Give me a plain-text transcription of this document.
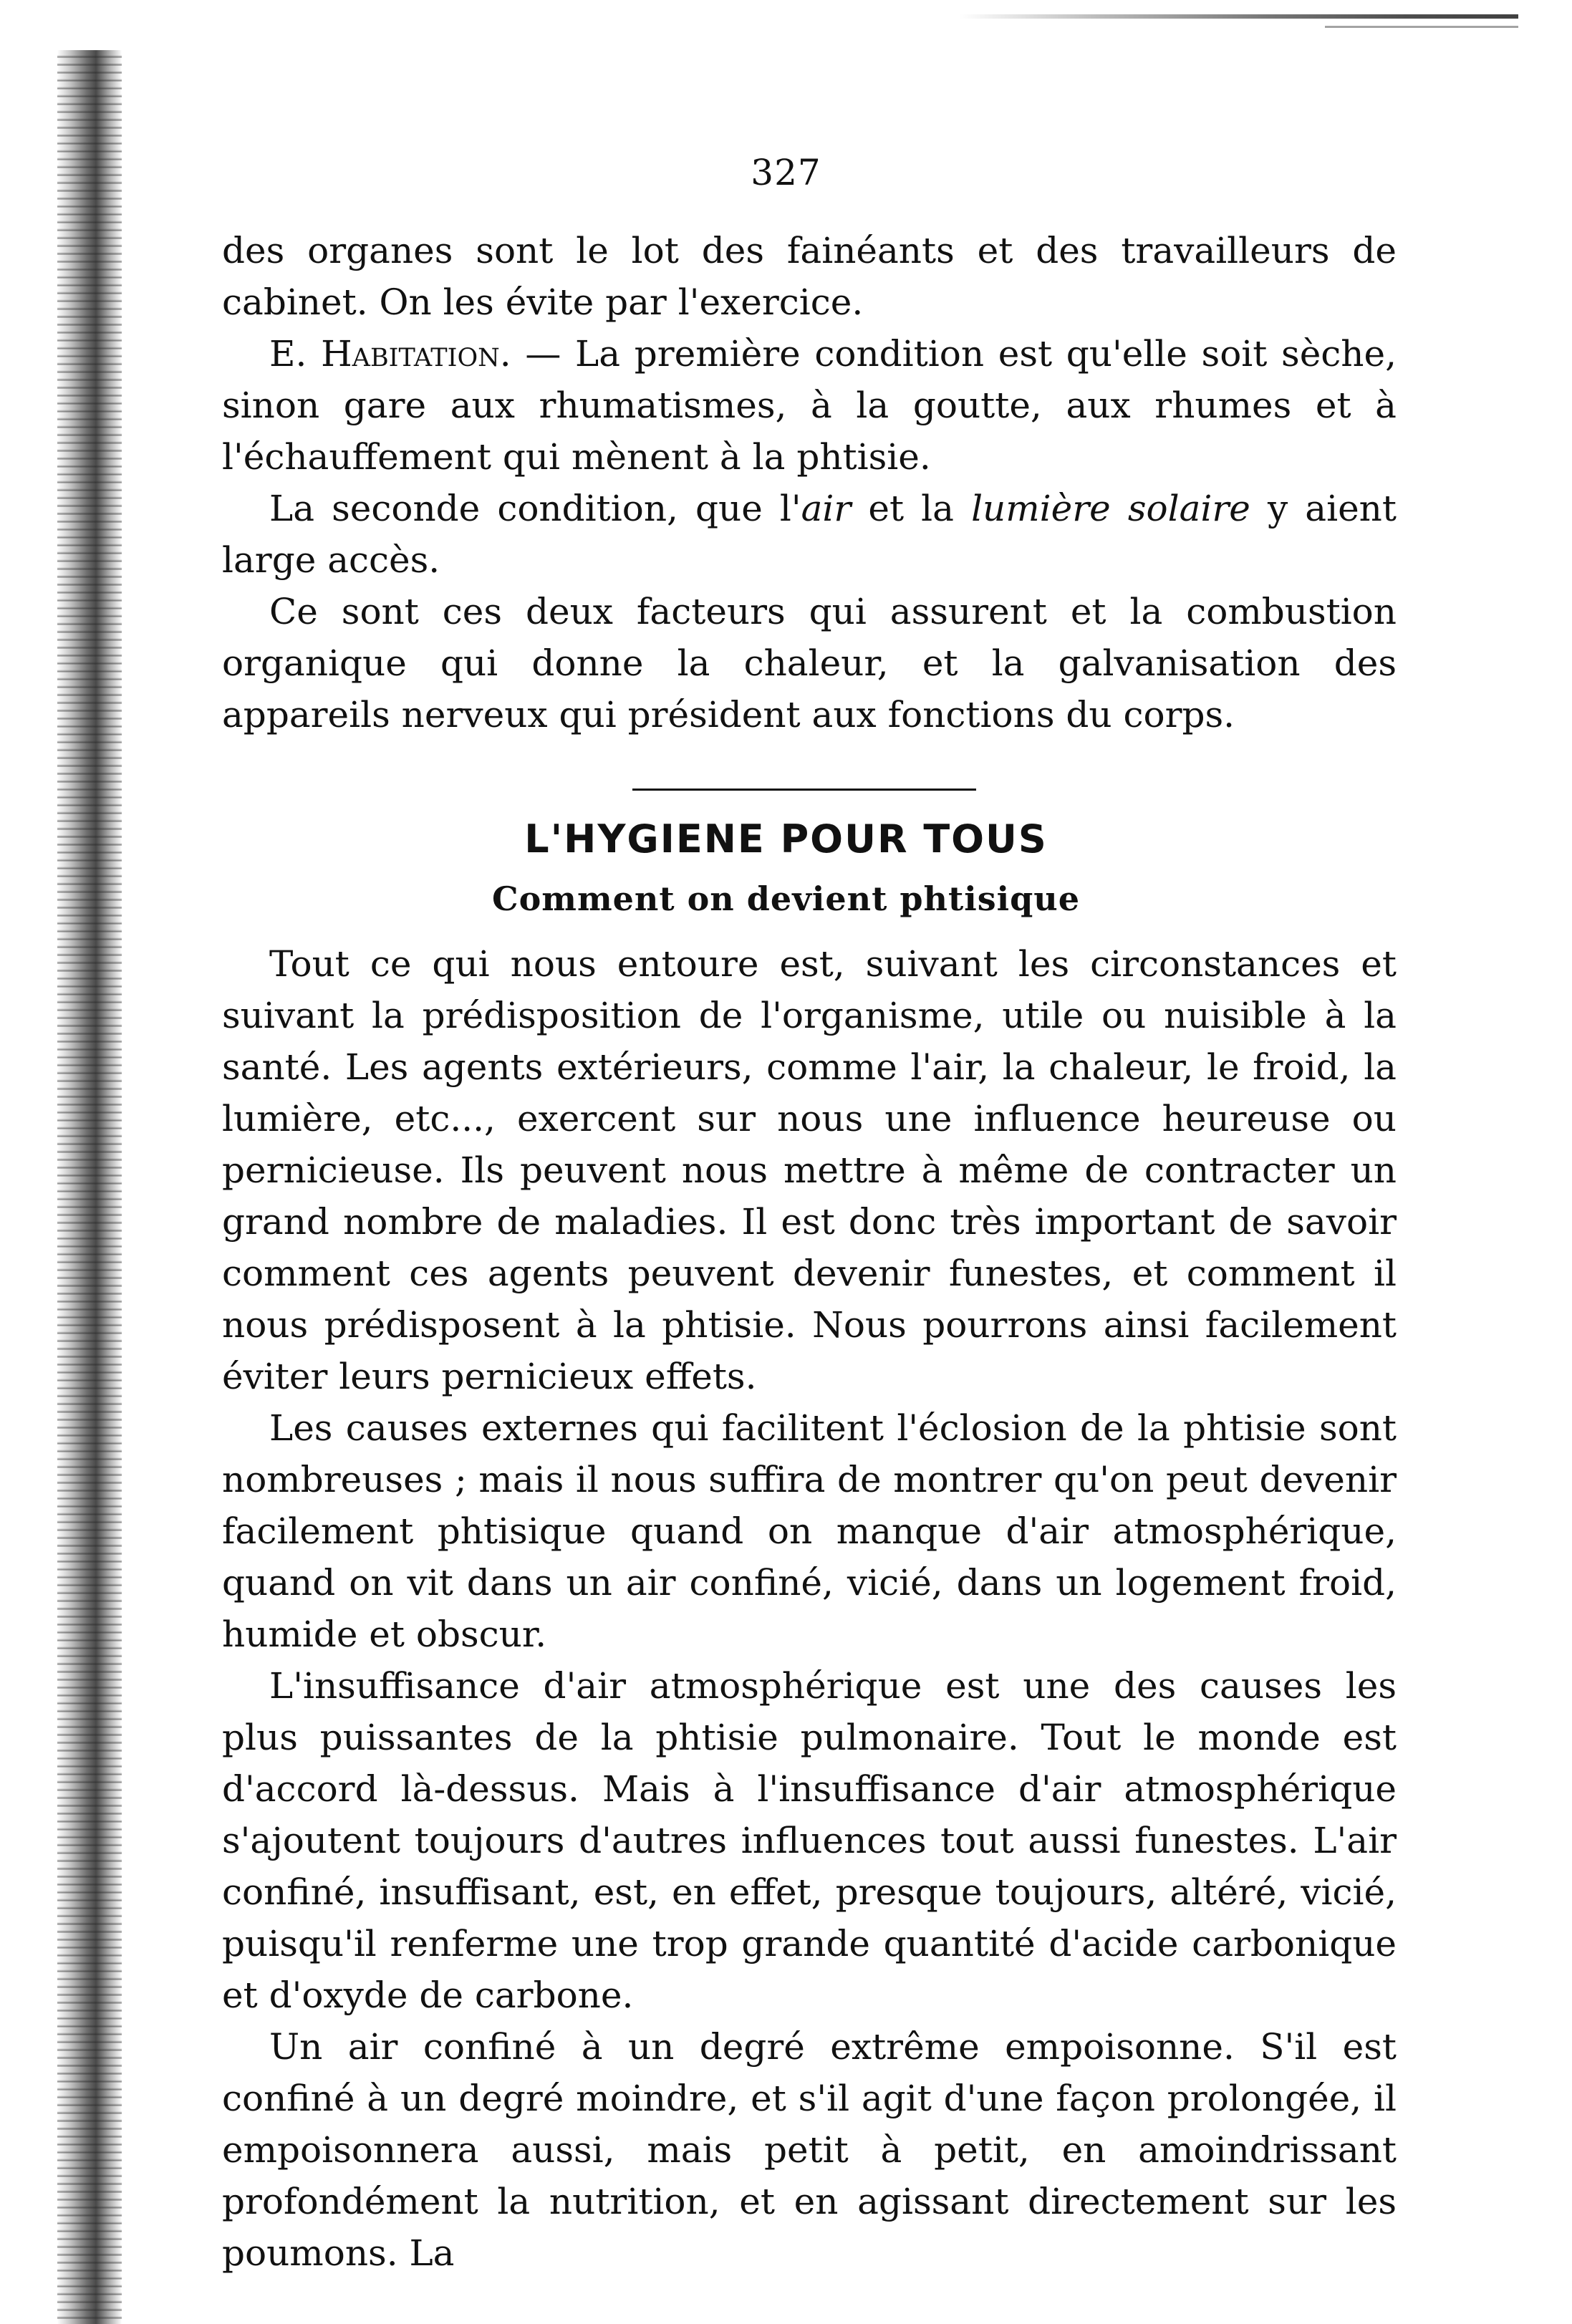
327

des organes sont le lot des fainéants et des travailleurs de cabinet. On les évite par l'exercice.

E. Habitation. — La première condition est qu'elle soit sèche, sinon gare aux rhumatismes, à la goutte, aux rhumes et à l'échauffement qui mènent à la phtisie.

La seconde condition, que l'air et la lumière solaire y aient large accès.

Ce sont ces deux facteurs qui assurent et la combustion organique qui donne la chaleur, et la galvanisation des appareils nerveux qui président aux fonctions du corps.

L'HYGIENE POUR TOUS
Comment on devient phtisique

Tout ce qui nous entoure est, suivant les circonstances et suivant la prédisposition de l'organisme, utile ou nuisible à la santé. Les agents extérieurs, comme l'air, la chaleur, le froid, la lumière, etc..., exercent sur nous une influence heureuse ou pernicieuse. Ils peuvent nous mettre à même de contracter un grand nombre de maladies. Il est donc très important de savoir comment ces agents peuvent devenir funestes, et comment il nous prédisposent à la phtisie. Nous pourrons ainsi facilement éviter leurs pernicieux effets.

Les causes externes qui facilitent l'éclosion de la phtisie sont nombreuses ; mais il nous suffira de montrer qu'on peut devenir facilement phtisique quand on manque d'air atmosphérique, quand on vit dans un air confiné, vicié, dans un logement froid, humide et obscur.

L'insuffisance d'air atmosphérique est une des causes les plus puissantes de la phtisie pulmonaire. Tout le monde est d'accord là-dessus. Mais à l'insuffisance d'air atmosphérique s'ajoutent toujours d'autres influences tout aussi funestes. L'air confiné, insuffisant, est, en effet, presque toujours, altéré, vicié, puisqu'il renferme une trop grande quantité d'acide carbonique et d'oxyde de carbone.

Un air confiné à un degré extrême empoisonne. S'il est confiné à un degré moindre, et s'il agit d'une façon prolongée, il empoisonnera aussi, mais petit à petit, en amoindrissant profondément la nutrition, et en agissant directement sur les poumons. La
